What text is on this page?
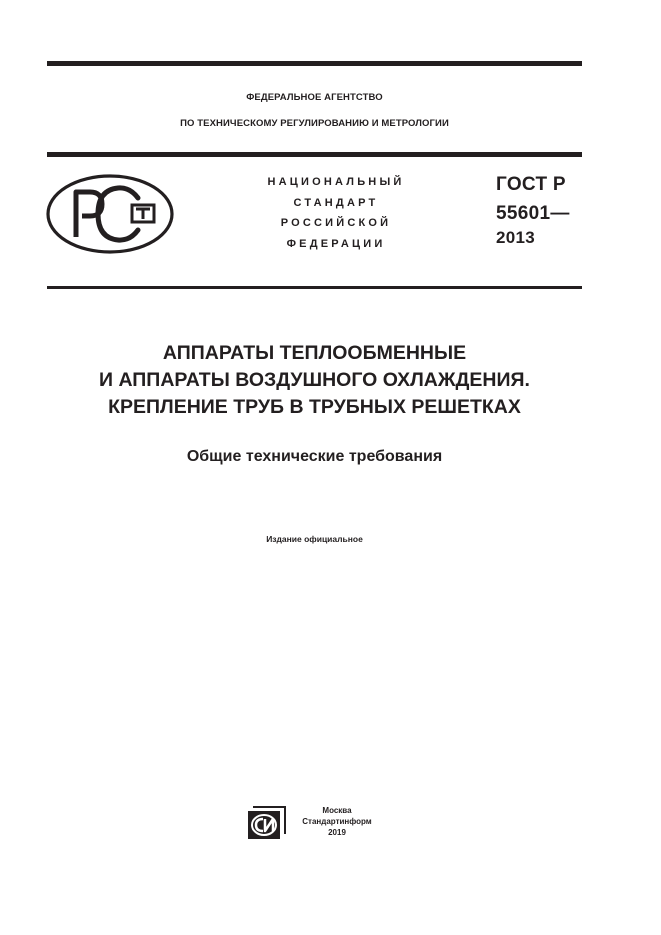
ФЕДЕРАЛЬНОЕ АГЕНТСТВО
ПО ТЕХНИЧЕСКОМУ РЕГУЛИРОВАНИЮ И МЕТРОЛОГИИ
НАЦИОНАЛЬНЫЙ
СТАНДАРТ
РОССИЙСКОЙ
ФЕДЕРАЦИИ
ГОСТ Р
55601—
2013
АППАРАТЫ ТЕПЛООБМЕННЫЕ
И АППАРАТЫ ВОЗДУШНОГО ОХЛАЖДЕНИЯ.
КРЕПЛЕНИЕ ТРУБ В ТРУБНЫХ РЕШЕТКАХ
Общие технические требования
Издание официальное
Москва
Стандартинформ
2019
